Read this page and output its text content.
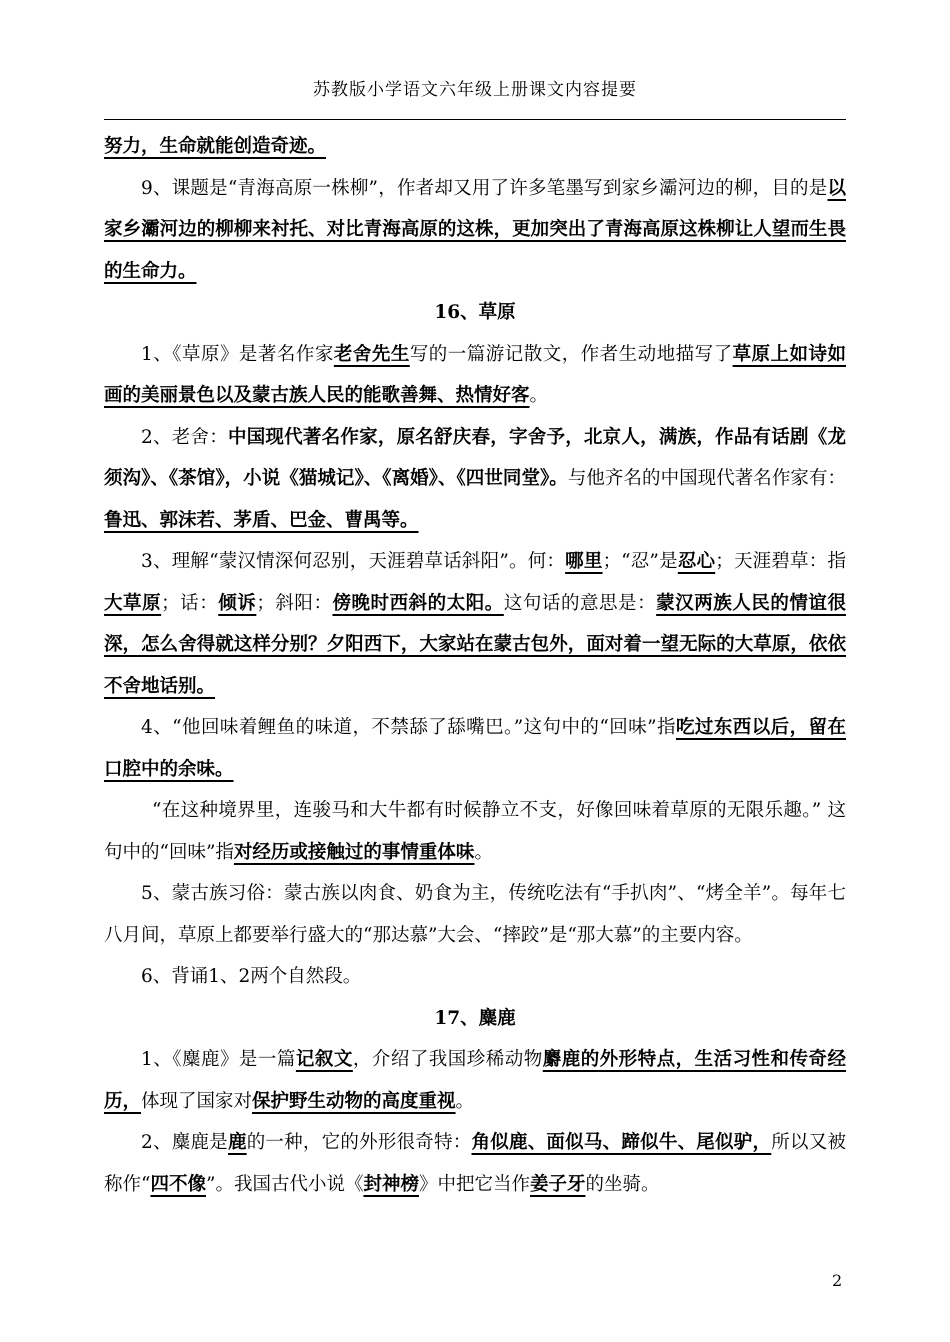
苏教版小学语文六年级上册课文内容提要

努力，生命就能创造奇迹。

9、课题是“青海高原一株柳”，作者却又用了许多笔墨写到家乡灞河边的柳，目的是以家乡灞河边的柳柳来衬托、对比青海高原的这株，更加突出了青海高原这株柳让人望而生畏的生命力。

16、草原

1、《草原》是著名作家老舍先生写的一篇游记散文，作者生动地描写了草原上如诗如画的美丽景色以及蒙古族人民的能歌善舞、热情好客。

2、老舍：中国现代著名作家，原名舒庆春，字舍予，北京人，满族，作品有话剧《龙须沟》、《茶馆》，小说《猫城记》、《离婚》、《四世同堂》。与他齐名的中国现代著名作家有：鲁迅、郭沫若、茅盾、巴金、曹禺等。

3、理解“蒙汉情深何忍别，天涯碧草话斜阳”。何：哪里；“忍”是忍心；天涯碧草：指大草原；话：倾诉；斜阳：傍晚时西斜的太阳。这句话的意思是：蒙汉两族人民的情谊很深，怎么舍得就这样分别？夕阳西下，大家站在蒙古包外，面对着一望无际的大草原，依依不舍地话别。

4、“他回味着鲤鱼的味道，不禁舔了舔嘴巴。”这句中的“回味”指吃过东西以后，留在口腔中的余味。

“在这种境界里，连骏马和大牛都有时候静立不支，好像回味着草原的无限乐趣。” 这句中的“回味”指对经历或接触过的事情重体味。

5、蒙古族习俗：蒙古族以肉食、奶食为主，传统吃法有“手扒肉”、“烤全羊”。每年七八月间，草原上都要举行盛大的“那达慕”大会、“摔跤”是“那大慕”的主要内容。

6、背诵1、2两个自然段。

17、麋鹿

1、《麋鹿》是一篇记叙文，介绍了我国珍稀动物麝鹿的外形特点，生活习性和传奇经历，体现了国家对保护野生动物的高度重视。

2、麋鹿是鹿的一种，它的外形很奇特：角似鹿、面似马、蹄似牛、尾似驴，所以又被称作“四不像”。我国古代小说《封神榜》中把它当作姜子牙的坐骑。

2
